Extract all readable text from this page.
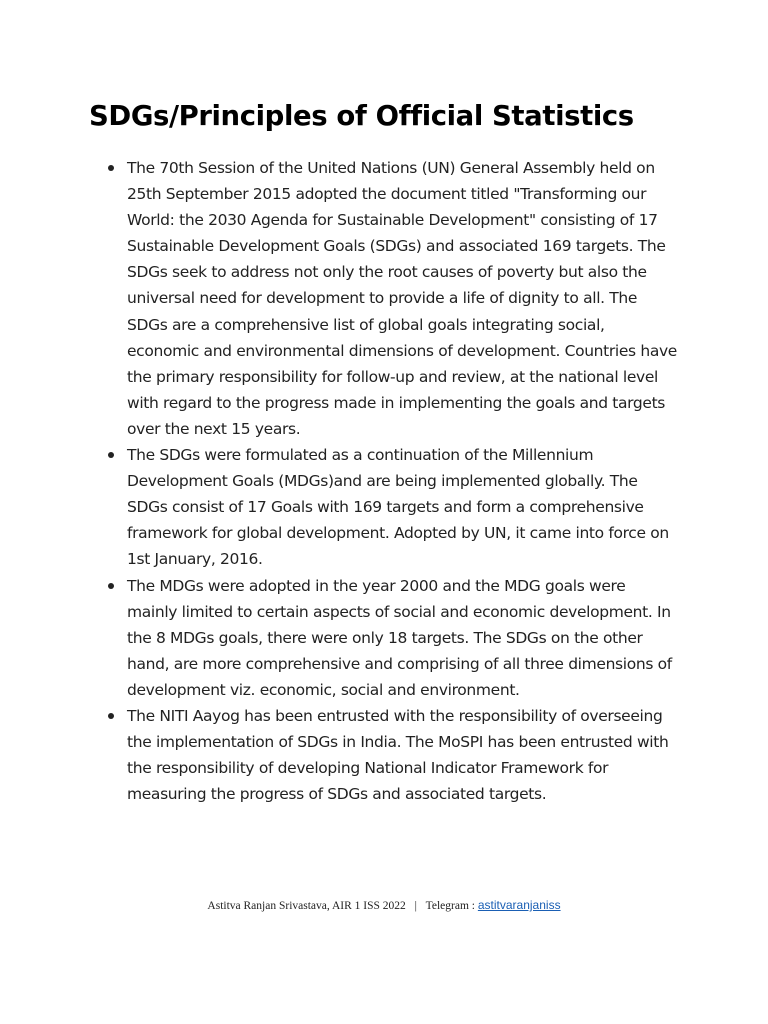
SDGs/Principles of Official Statistics
The 70th Session of the United Nations (UN) General Assembly held on 25th September 2015 adopted the document titled "Transforming our World: the 2030 Agenda for Sustainable Development" consisting of 17 Sustainable Development Goals (SDGs) and associated 169 targets. The SDGs seek to address not only the root causes of poverty but also the universal need for development to provide a life of dignity to all. The SDGs are a comprehensive list of global goals integrating social, economic and environmental dimensions of development. Countries have the primary responsibility for follow-up and review, at the national level with regard to the progress made in implementing the goals and targets over the next 15 years.
The SDGs were formulated as a continuation of the Millennium Development Goals (MDGs)and are being implemented globally. The SDGs consist of 17 Goals with 169 targets and form a comprehensive framework for global development. Adopted by UN, it came into force on 1st January, 2016.
The MDGs were adopted in the year 2000 and the MDG goals were mainly limited to certain aspects of social and economic development. In the 8 MDGs goals, there were only 18 targets. The SDGs on the other hand, are more comprehensive and comprising of all three dimensions of development viz. economic, social and environment.
The NITI Aayog has been entrusted with the responsibility of overseeing the implementation of SDGs in India. The MoSPI has been entrusted with the responsibility of developing National Indicator Framework for measuring the progress of SDGs and associated targets.
Astitva Ranjan Srivastava, AIR 1 ISS 2022 | Telegram : astitvaranjaniss
